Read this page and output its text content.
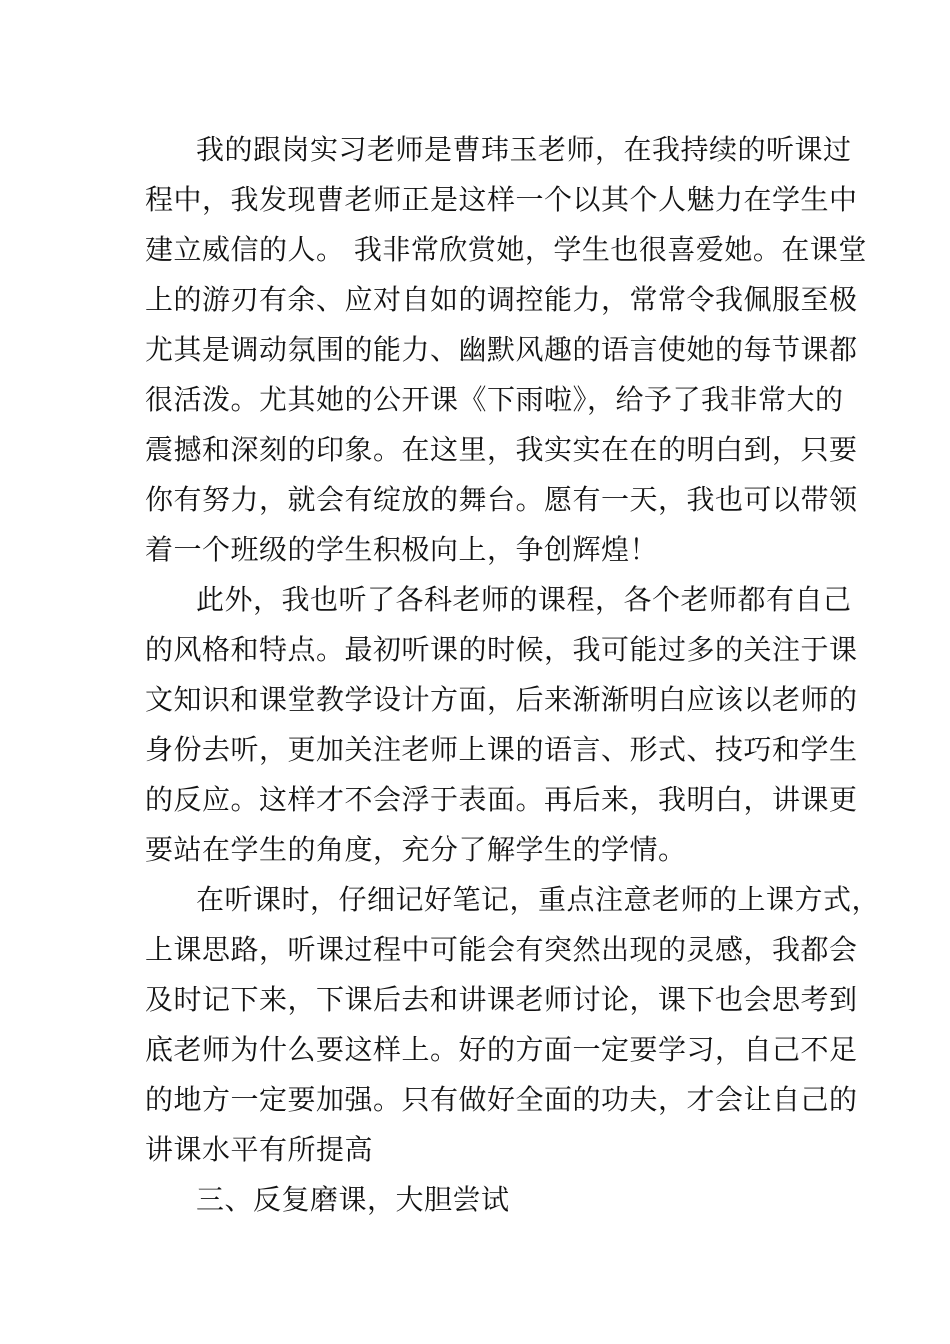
我的跟岗实习老师是曹玮玉老师，在我持续的听课过
程中，我发现曹老师正是这样一个以其个人魅力在学生中
建立威信的人。 我非常欣赏她，学生也很喜爱她。在课堂
上的游刃有余、应对自如的调控能力，常常令我佩服至极
尤其是调动氛围的能力、幽默风趣的语言使她的每节课都
很活泼。尤其她的公开课《下雨啦》，给予了我非常大的
震撼和深刻的印象。在这里，我实实在在的明白到，只要
你有努力，就会有绽放的舞台。愿有一天，我也可以带领
着一个班级的学生积极向上，争创辉煌！
此外，我也听了各科老师的课程，各个老师都有自己
的风格和特点。最初听课的时候，我可能过多的关注于课
文知识和课堂教学设计方面，后来渐渐明白应该以老师的
身份去听，更加关注老师上课的语言、形式、技巧和学生
的反应。这样才不会浮于表面。再后来，我明白，讲课更
要站在学生的角度，充分了解学生的学情。
在听课时，仔细记好笔记，重点注意老师的上课方式，
上课思路，听课过程中可能会有突然出现的灵感，我都会
及时记下来，下课后去和讲课老师讨论，课下也会思考到
底老师为什么要这样上。好的方面一定要学习，自己不足
的地方一定要加强。只有做好全面的功夫，才会让自己的
讲课水平有所提高
三、反复磨课，大胆尝试
